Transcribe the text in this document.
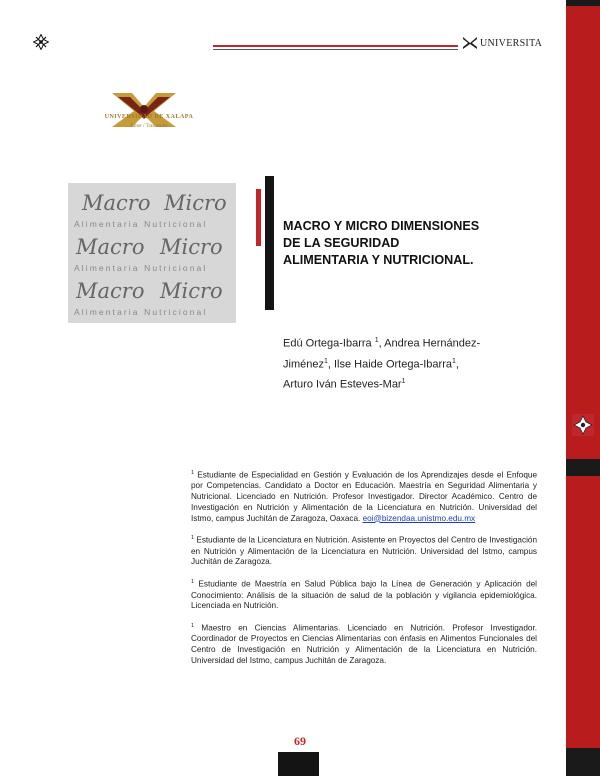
UNIVERSITA
UNIVERSIDAD DE XALAPA
Saber / Trascender
Macro Micro
Alimentaria Nutricional
Macro Micro
Alimentaria Nutricional
Macro Micro
Alimentaria Nutricional
MACRO Y MICRO DIMENSIONES
DE LA SEGURIDAD
ALIMENTARIA Y NUTRICIONAL.
Edú Ortega-Ibarra $^1$, Andrea Hernández-
Jiménez$^1$, Ilse Haide Ortega-Ibarra$^1$,
Arturo Iván Esteves-Mar$^1$

$^1$ Estudiante de Especialidad en Gestión y Evaluación de los Aprendizajes desde el Enfoque por Competencias. Candidato a Doctor en Educación. Maestría en Seguridad Alimentaria y Nutricional. Licenciado en Nutrición. Profesor Investigador. Director Académico. Centro de Investigación en Nutrición y Alimentación de la Licenciatura en Nutrición. Universidad del Istmo, campus Juchitán de Zaragoza, Oaxaca. eoi@bizendaa.unistmo.edu.mx

$^1$ Estudiante de la Licenciatura en Nutrición. Asistente en Proyectos del Centro de Investigación en Nutrición y Alimentación de la Licenciatura en Nutrición. Universidad del Istmo, campus Juchitán de Zaragoza.

$^1$ Estudiante de Maestría en Salud Pública bajo la Línea de Generación y Aplicación del Conocimiento: Análisis de la situación de salud de la población y vigilancia epidemiológica. Licenciada en Nutrición.

$^1$ Maestro en Ciencias Alimentarias. Licenciado en Nutrición. Profesor Investigador. Coordinador de Proyectos en Ciencias Alimentarias con énfasis en Alimentos Funcionales del Centro de Investigación en Nutrición y Alimentación de la Licenciatura en Nutrición. Universidad del Istmo, campus Juchitán de Zaragoza.

69
